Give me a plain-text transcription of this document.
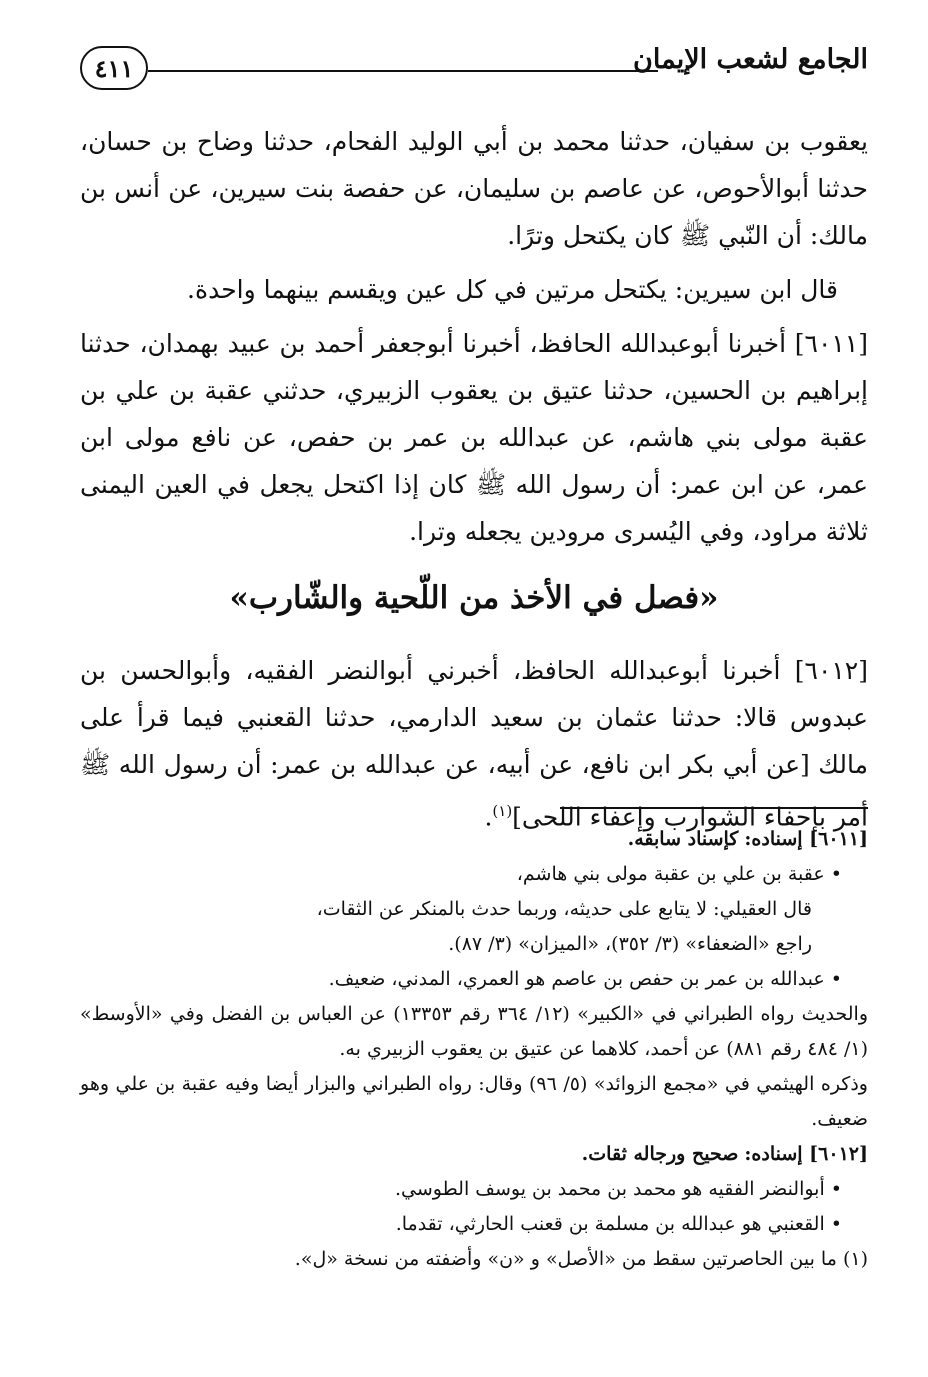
٤١١	الجامع لشعب الإيمان

يعقوب بن سفيان، حدثنا محمد بن أبي الوليد الفحام، حدثنا وضاح بن حسان، حدثنا أبوالأحوص، عن عاصم بن سليمان، عن حفصة بنت سيرين، عن أنس بن مالك: أن النّبي ﷺ كان يكتحل وترًا.

قال ابن سيرين: يكتحل مرتين في كل عين ويقسم بينهما واحدة.

[٦٠١١] أخبرنا أبوعبدالله الحافظ، أخبرنا أبوجعفر أحمد بن عبيد بهمدان، حدثنا إبراهيم بن الحسين، حدثنا عتيق بن يعقوب الزبيري، حدثني عقبة بن علي بن عقبة مولى بني هاشم، عن عبدالله بن عمر بن حفص، عن نافع مولى ابن عمر، عن ابن عمر: أن رسول الله ﷺ كان إذا اكتحل يجعل في العين اليمنى ثلاثة مراود، وفي اليُسرى مرودين يجعله وترا.

«فصل في الأخذ من اللّحية والشّارب»

[٦٠١٢] أخبرنا أبوعبدالله الحافظ، أخبرني أبوالنضر الفقيه، وأبوالحسن بن عبدوس قالا: حدثنا عثمان بن سعيد الدارمي، حدثنا القعنبي فيما قرأ على مالك [عن أبي بكر ابن نافع، عن أبيه، عن عبدالله بن عمر: أن رسول الله ﷺ أمر بإحفاء الشوارب وإعفاء اللحى]$^{(١)}$.

[٦٠١١] إسناده: كإسناد سابقه.

• عقبة بن علي بن عقبة مولى بني هاشم،

قال العقيلي: لا يتابع على حديثه، وربما حدث بالمنكر عن الثقات،

راجع «الضعفاء» (٣/ ٣٥٢)، «الميزان» (٣/ ٨٧).

• عبدالله بن عمر بن حفص بن عاصم هو العمري، المدني، ضعيف.

والحديث رواه الطبراني في «الكبير» (١٢/ ٣٦٤ رقم ١٣٣٥٣) عن العباس بن الفضل وفي «الأوسط» (١/ ٤٨٤ رقم ٨٨١) عن أحمد، كلاهما عن عتيق بن يعقوب الزبيري به.

وذكره الهيثمي في «مجمع الزوائد» (٥/ ٩٦) وقال: رواه الطبراني والبزار أيضا وفيه عقبة بن علي وهو ضعيف.

[٦٠١٢] إسناده: صحيح ورجاله ثقات.

• أبوالنضر الفقيه هو محمد بن محمد بن يوسف الطوسي.

• القعنبي هو عبدالله بن مسلمة بن قعنب الحارثي، تقدما.

(١) ما بين الحاصرتين سقط من «الأصل» و «ن» وأضفته من نسخة «ل».
